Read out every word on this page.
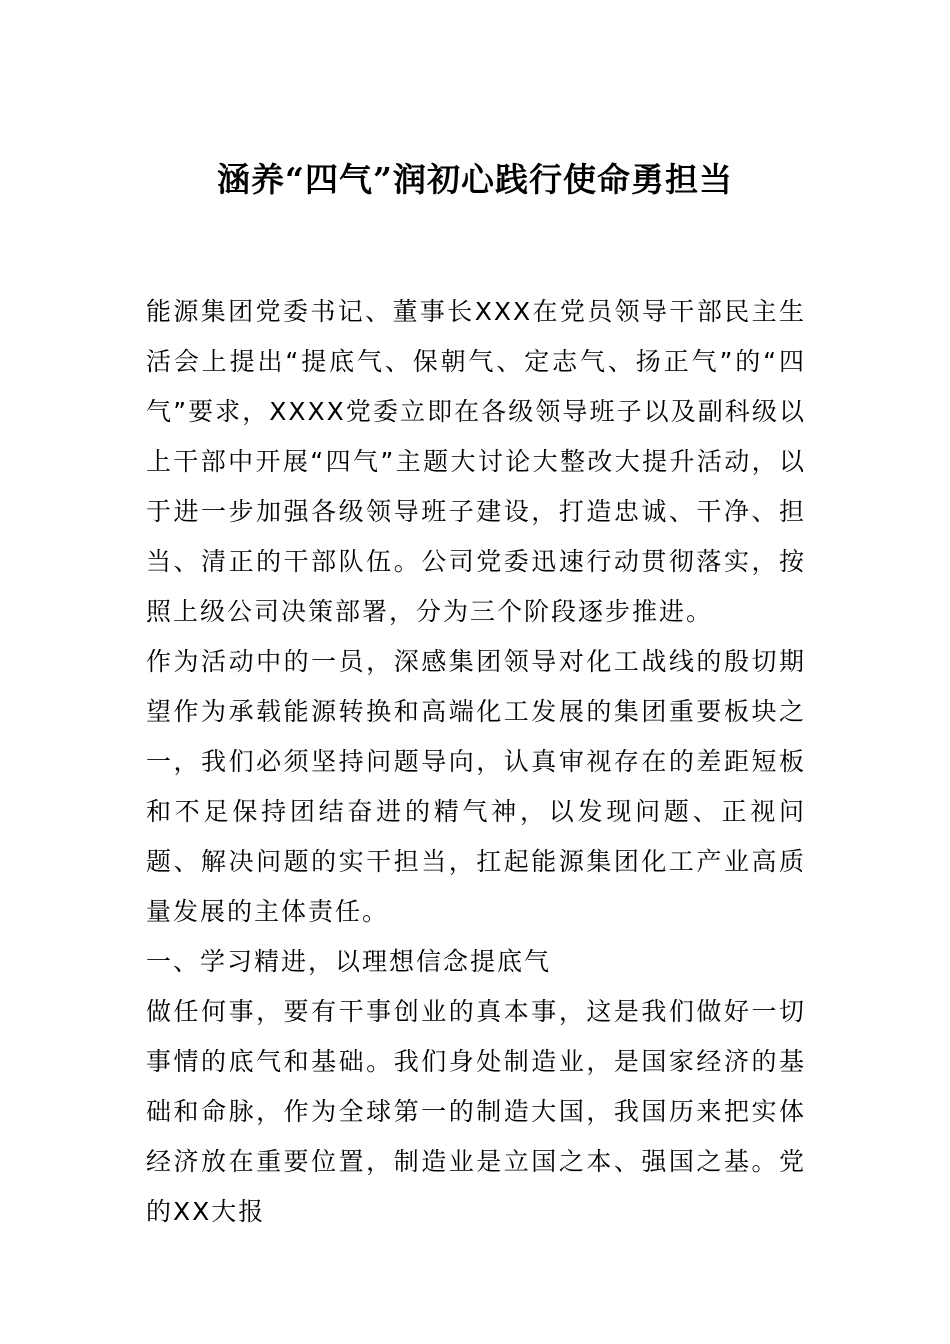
涵养“四气”润初心践行使命勇担当

能源集团党委书记、董事长XXX在党员领导干部民主生活会上提出“提底气、保朝气、定志气、扬正气”的“四气”要求，XXXX党委立即在各级领导班子以及副科级以上干部中开展“四气”主题大讨论大整改大提升活动，以于进一步加强各级领导班子建设，打造忠诚、干净、担当、清正的干部队伍。公司党委迅速行动贯彻落实，按照上级公司决策部署，分为三个阶段逐步推进。

作为活动中的一员，深感集团领导对化工战线的殷切期望作为承载能源转换和高端化工发展的集团重要板块之一，我们必须坚持问题导向，认真审视存在的差距短板和不足保持团结奋进的精气神，以发现问题、正视问题、解决问题的实干担当，扛起能源集团化工产业高质量发展的主体责任。

一、学习精进，以理想信念提底气

做任何事，要有干事创业的真本事，这是我们做好一切事情的底气和基础。我们身处制造业，是国家经济的基础和命脉，作为全球第一的制造大国，我国历来把实体经济放在重要位置，制造业是立国之本、强国之基。党的XX大报
